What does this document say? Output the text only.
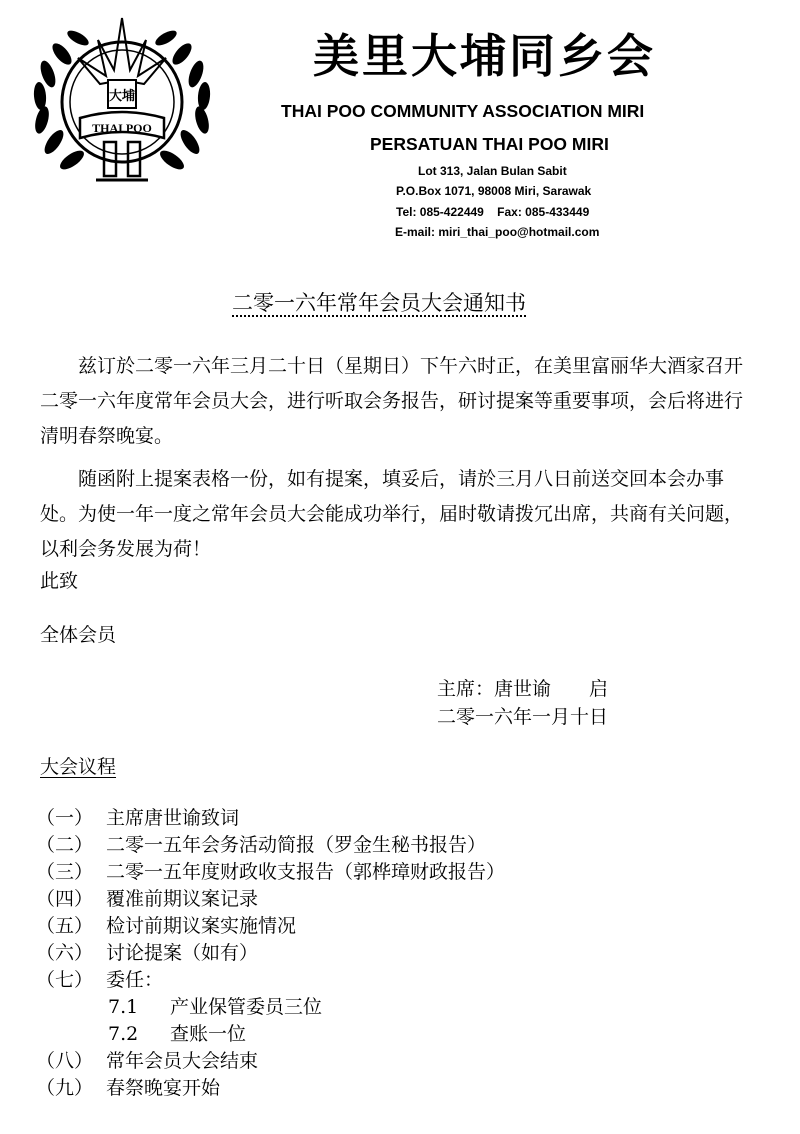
大埔
THAI POO
美里大埔同乡会
THAI POO COMMUNITY ASSOCIATION MIRI
PERSATUAN THAI POO MIRI
Lot 313, Jalan Bulan Sabit
P.O.Box 1071, 98008 Miri, Sarawak
Tel: 085-422449    Fax: 085-433449
E-mail: miri_thai_poo@hotmail.com
二零一六年常年会员大会通知书

兹订於二零一六年三月二十日（星期日）下午六时正，在美里富丽华大酒家召开二零一六年度常年会员大会，进行听取会务报告，研讨提案等重要事项，会后将进行清明春祭晚宴。

随函附上提案表格一份，如有提案，填妥后，请於三月八日前送交回本会办事处。为使一年一度之常年会员大会能成功举行，届时敬请拨冗出席，共商有关问题，以利会务发展为荷！

此致

全体会员

主席：唐世谕　　启

二零一六年一月十日

大会议程

（一） 主席唐世谕致词
（二） 二零一五年会务活动简报（罗金生秘书报告）
（三） 二零一五年度财政收支报告（郭桦璋财政报告）
（四） 覆准前期议案记录
（五） 检讨前期议案实施情况
（六） 讨论提案（如有）
（七） 委任：
7.1	产业保管委员三位
7.2	查账一位
（八） 常年会员大会结束
（九） 春祭晚宴开始
